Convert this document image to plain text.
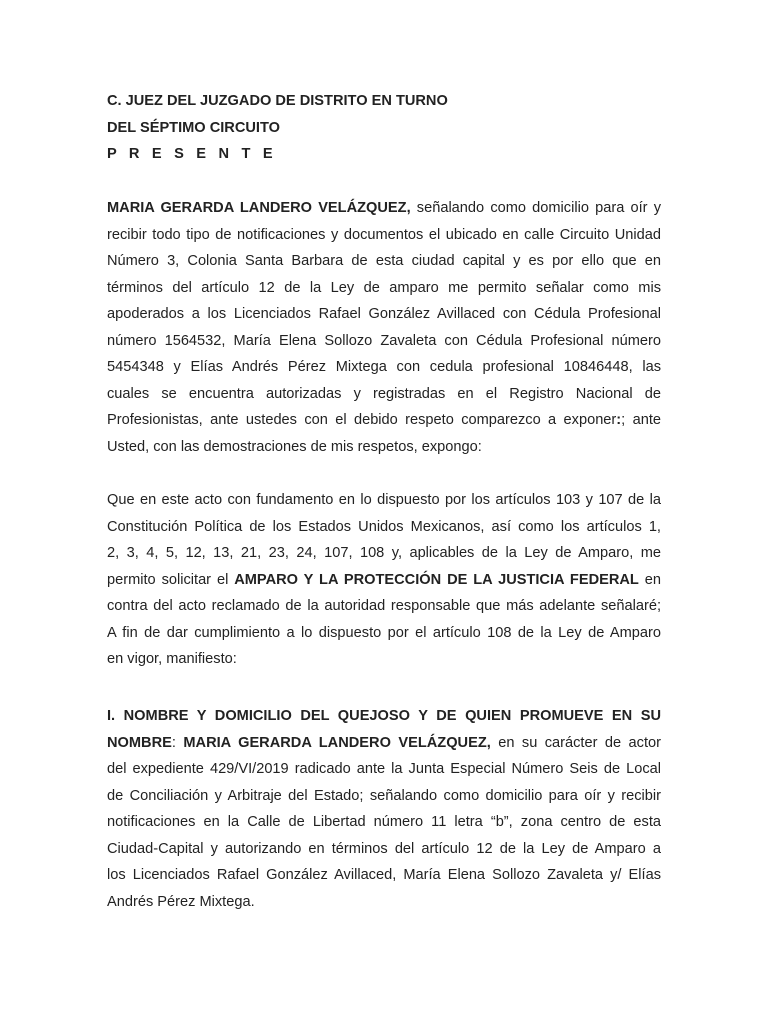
C. JUEZ DEL JUZGADO DE DISTRITO EN TURNO
DEL SÉPTIMO CIRCUITO
P R E S E N T E
MARIA GERARDA LANDERO VELÁZQUEZ, señalando como domicilio para oír y
recibir todo tipo de notificaciones y documentos el ubicado en calle Circuito Unidad
Número 3, Colonia Santa Barbara de esta ciudad capital y es por ello que en
términos del artículo 12 de la Ley de amparo me permito señalar como mis
apoderados a los Licenciados Rafael González Avillaced con Cédula Profesional
número 1564532, María Elena Sollozo Zavaleta con Cédula Profesional número
5454348 y Elías Andrés Pérez Mixtega con cedula profesional 10846448, las
cuales se encuentra autorizadas y registradas en el Registro Nacional de
Profesionistas, ante ustedes con el debido respeto comparezco a exponer:; ante
Usted, con las demostraciones de mis respetos, expongo:
Que en este acto con fundamento en lo dispuesto por los artículos 103 y 107 de la
Constitución Política de los Estados Unidos Mexicanos, así como los artículos 1,
2, 3, 4, 5, 12, 13, 21, 23, 24, 107, 108 y, aplicables de la Ley de Amparo, me
permito solicitar el AMPARO Y LA PROTECCIÓN DE LA JUSTICIA FEDERAL en
contra del acto reclamado de la autoridad responsable que más adelante señalaré;
A fin de dar cumplimiento a lo dispuesto por el artículo 108 de la Ley de Amparo
en vigor, manifiesto:
I. NOMBRE Y DOMICILIO DEL QUEJOSO Y DE QUIEN PROMUEVE EN SU
NOMBRE: MARIA GERARDA LANDERO VELÁZQUEZ, en su carácter de actor
del expediente 429/VI/2019 radicado ante la Junta Especial Número Seis de Local
de Conciliación y Arbitraje del Estado; señalando como domicilio para oír y recibir
notificaciones en la Calle de Libertad número 11 letra “b”, zona centro de esta
Ciudad-Capital y autorizando en términos del artículo 12 de la Ley de Amparo a
los Licenciados Rafael González Avillaced, María Elena Sollozo Zavaleta y/ Elías
Andrés Pérez Mixtega.
